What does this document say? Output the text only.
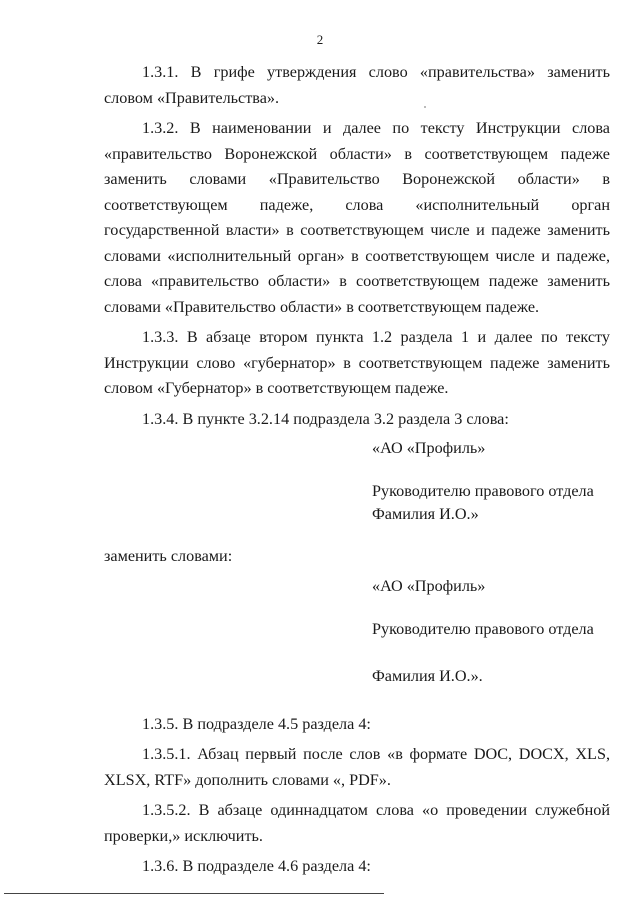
2

1.3.1. В грифе утверждения слово «правительства» заменить словом «Правительства».

1.3.2. В наименовании и далее по тексту Инструкции слова «правительство Воронежской области» в соответствующем падеже заменить словами «Правительство Воронежской области» в соответствующем падеже, слова «исполнительный орган государственной власти» в соответствующем числе и падеже заменить словами «исполнительный орган» в соответствующем числе и падеже, слова «правительство области» в соответствующем падеже заменить словами «Правительство области» в соответствующем падеже.

1.3.3. В абзаце втором пункта 1.2 раздела 1 и далее по тексту Инструкции слово «губернатор» в соответствующем падеже заменить словом «Губернатор» в соответствующем падеже.

1.3.4. В пункте 3.2.14 подраздела 3.2 раздела 3 слова:

«АО «Профиль»
Руководителю правового отдела
Фамилия И.О.»

заменить словами:

«АО «Профиль»
Руководителю правового отдела
Фамилия И.О.».

1.3.5. В подразделе 4.5 раздела 4:

1.3.5.1. Абзац первый после слов «в формате DOC, DOCX, XLS, XLSX, RTF» дополнить словами «, PDF».

1.3.5.2. В абзаце одиннадцатом слова «о проведении служебной проверки,» исключить.

1.3.6. В подразделе 4.6 раздела 4:
